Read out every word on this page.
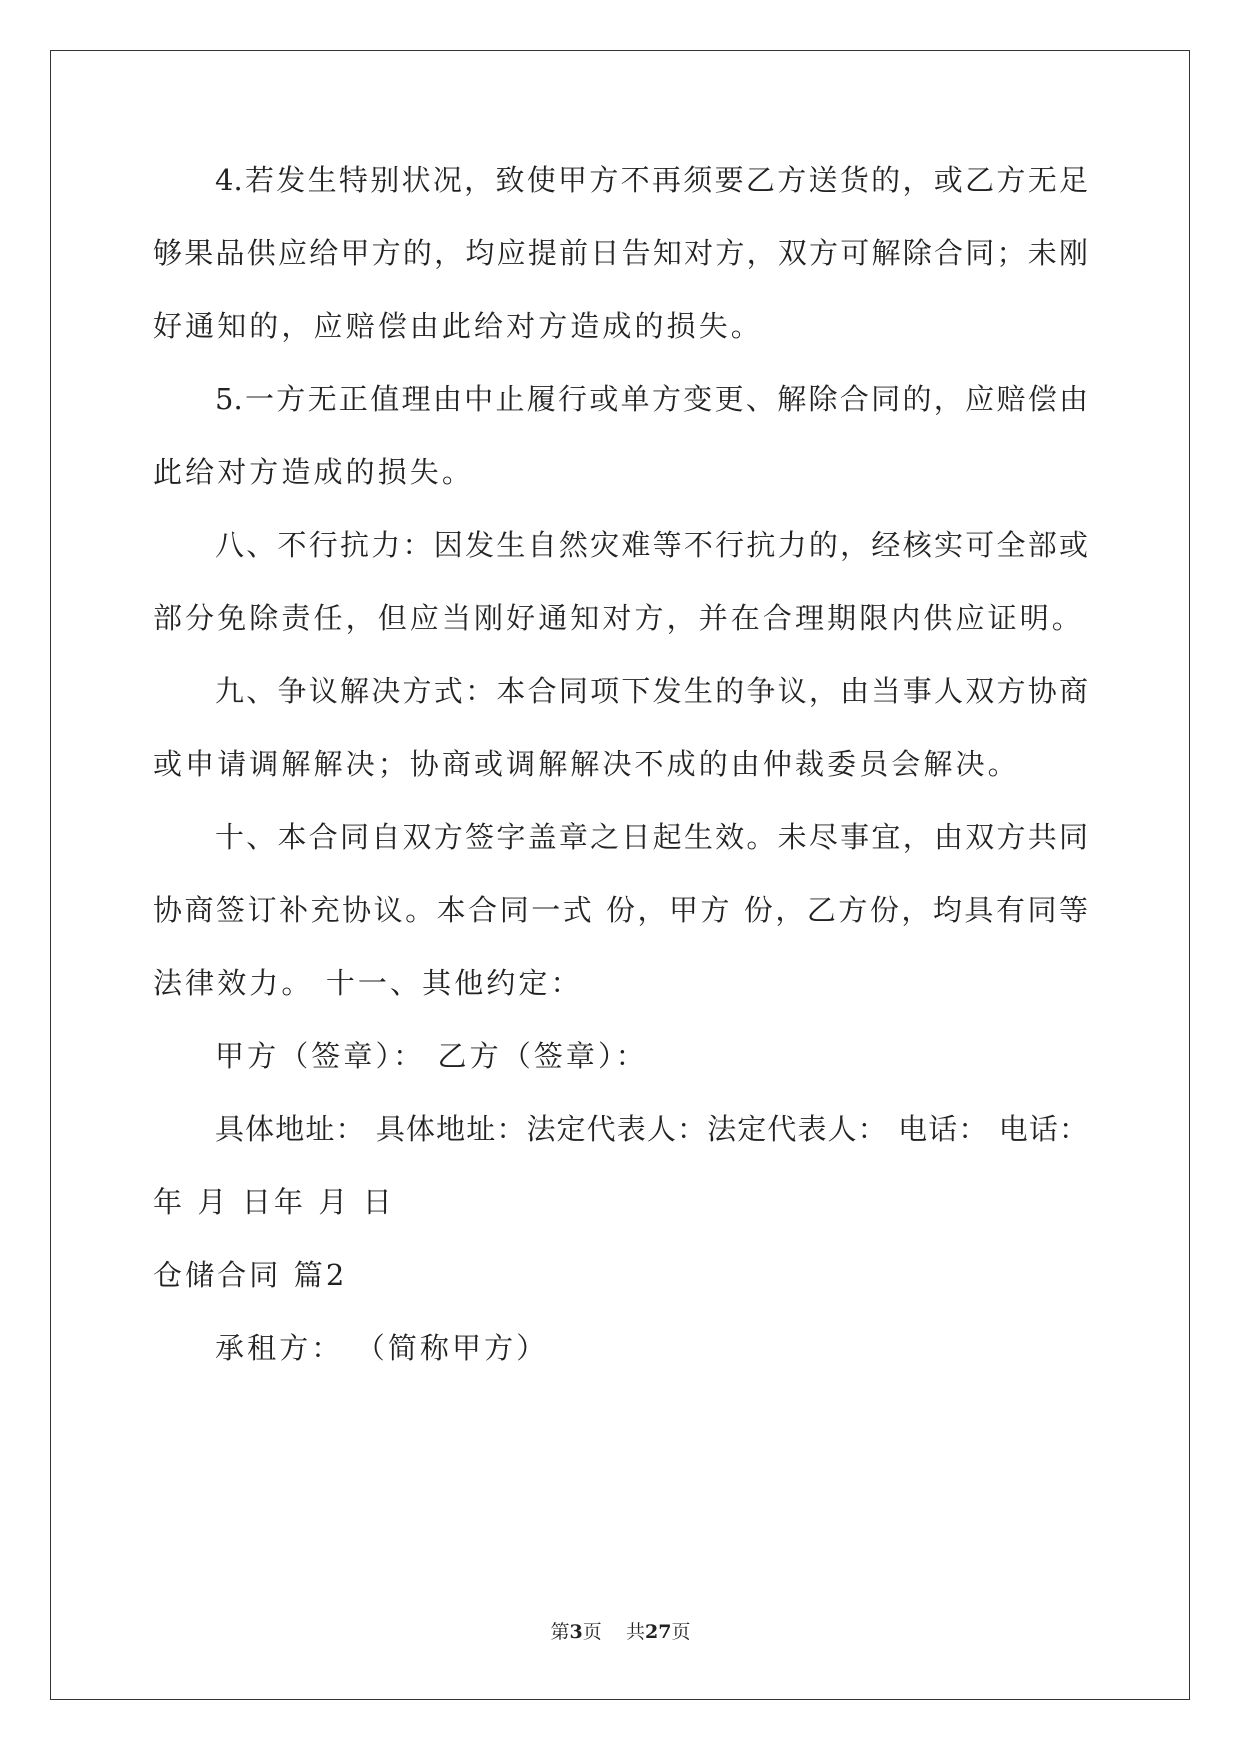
4.若发生特别状况，致使甲方不再须要乙方送货的，或乙方无足
够果品供应给甲方的，均应提前日告知对方，双方可解除合同；未刚
好通知的，应赔偿由此给对方造成的损失。
5.一方无正值理由中止履行或单方变更、解除合同的，应赔偿由
此给对方造成的损失。
八、不行抗力：因发生自然灾难等不行抗力的，经核实可全部或
部分免除责任，但应当刚好通知对方，并在合理期限内供应证明。
九、争议解决方式：本合同项下发生的争议，由当事人双方协商
或申请调解解决；协商或调解解决不成的由仲裁委员会解决。
十、本合同自双方签字盖章之日起生效。未尽事宜，由双方共同
协商签订补充协议。本合同一式 份，甲方 份，乙方份，均具有同等
法律效力。 十一、其他约定：
甲方（签章）： 乙方（签章）：
具体地址： 具体地址：法定代表人：法定代表人： 电话： 电话：
年 月 日年 月 日
仓储合同 篇2
承租方： （简称甲方）
第3页 共27页
